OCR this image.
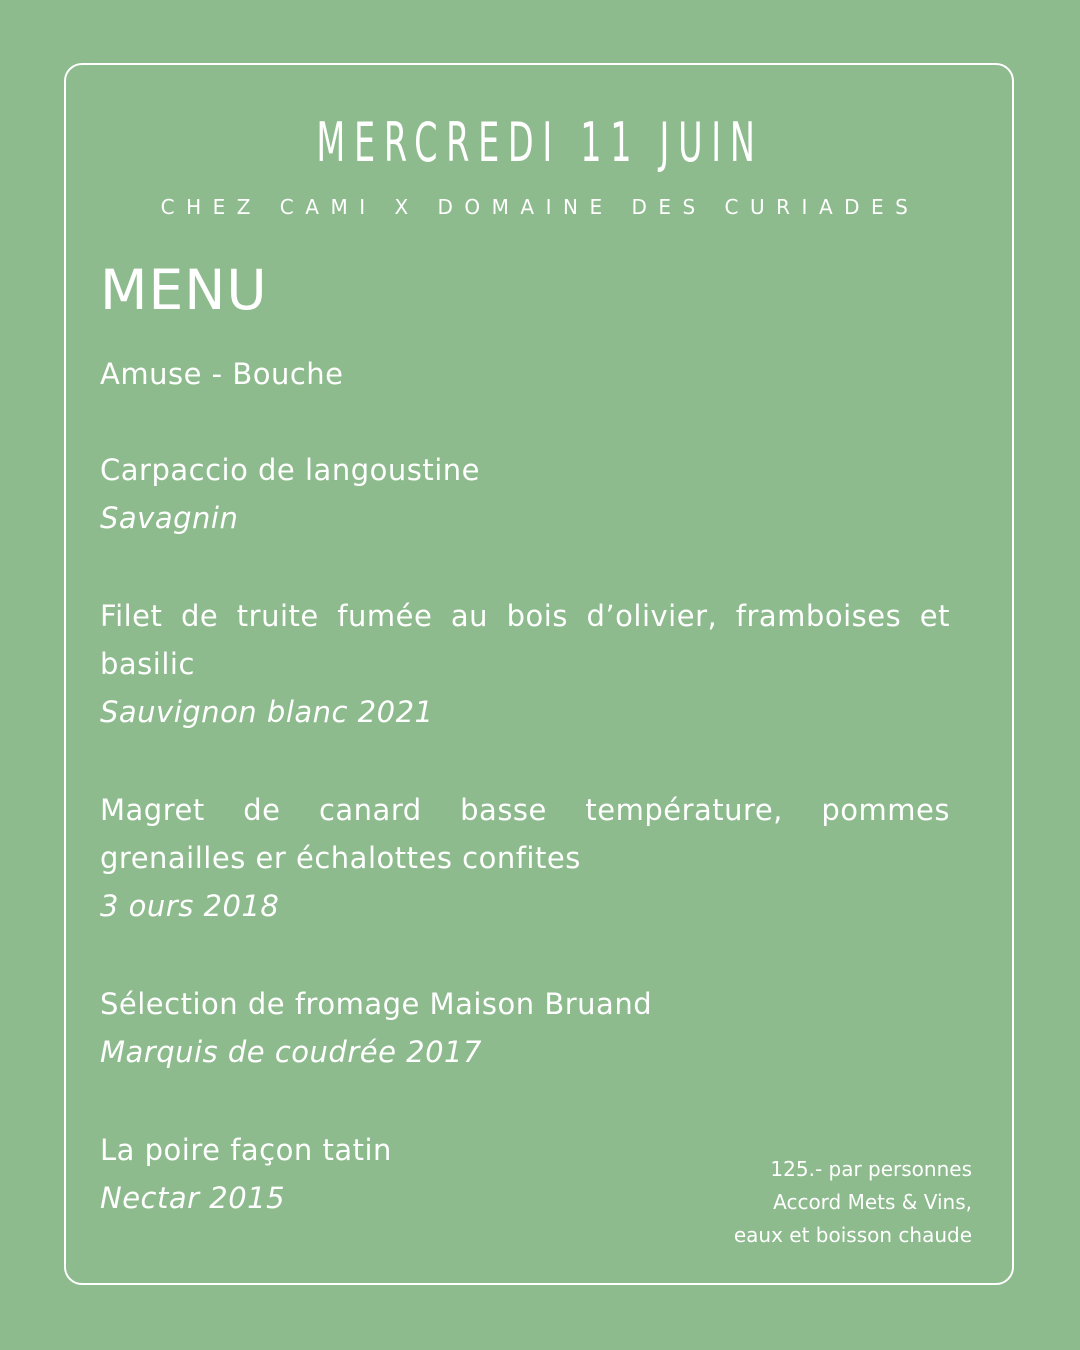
MERCREDI 11 JUIN
CHEZ CAMI X DOMAINE DES CURIADES
MENU
Amuse - Bouche
Carpaccio de langoustine
Savagnin
Filet de truite fumée au bois d’olivier, framboises et basilic
Sauvignon blanc 2021
Magret de canard basse température, pommes grenailles er échalottes confites
3 ours 2018
Sélection de fromage Maison Bruand
Marquis de coudrée 2017
La poire façon tatin
Nectar 2015
125.- par personnes
Accord Mets & Vins,
eaux et boisson chaude
